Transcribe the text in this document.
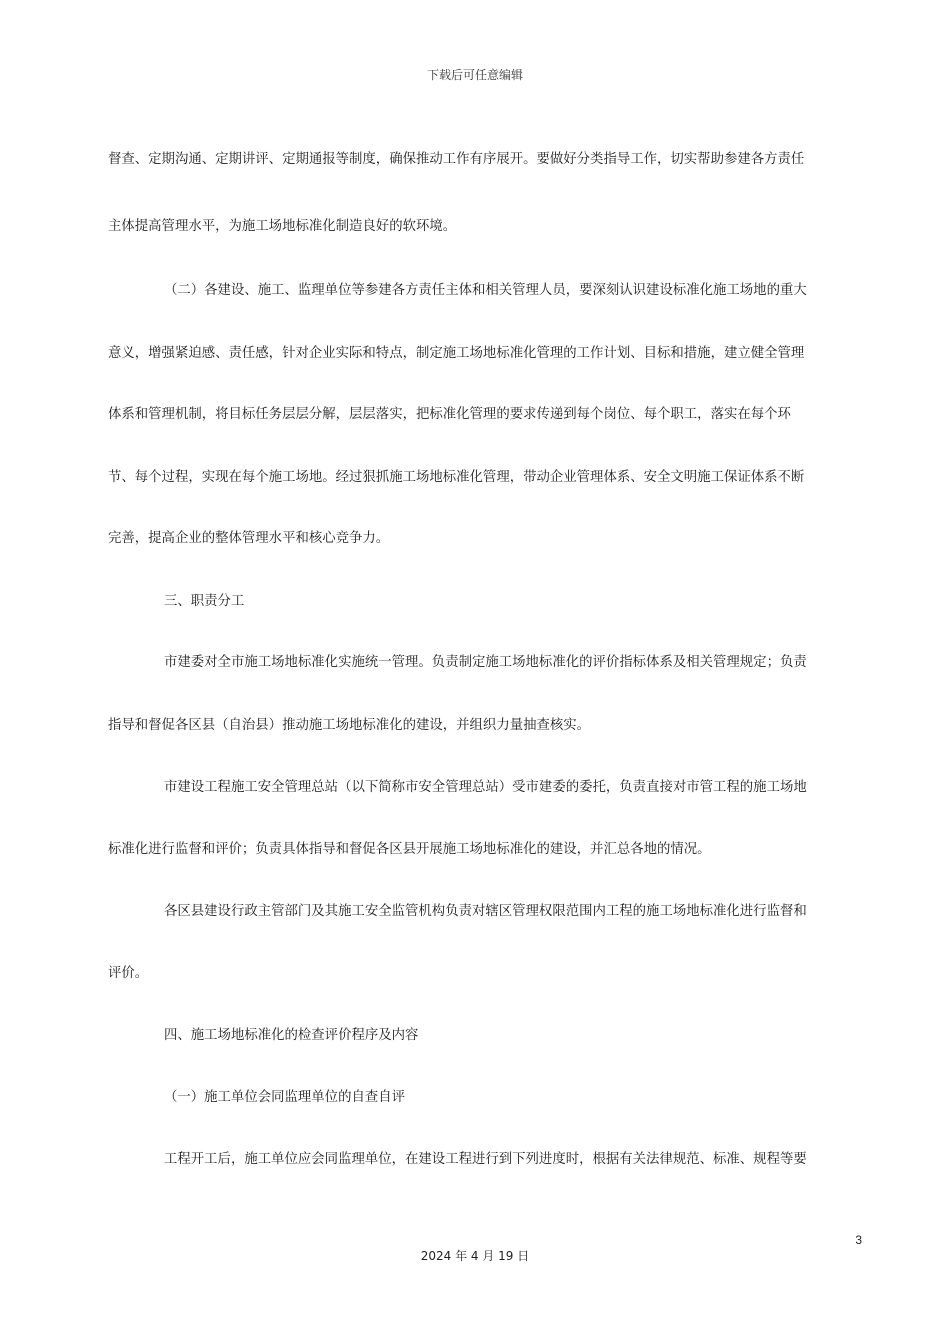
下载后可任意编辑
督查、定期沟通、定期讲评、定期通报等制度，确保推动工作有序展开。要做好分类指导工作，切实帮助参建各方责任
主体提高管理水平，为施工场地标准化制造良好的软环境。
（二）各建设、施工、监理单位等参建各方责任主体和相关管理人员，要深刻认识建设标准化施工场地的重大
意义，增强紧迫感、责任感，针对企业实际和特点，制定施工场地标准化管理的工作计划、目标和措施，建立健全管理
体系和管理机制，将目标任务层层分解，层层落实，把标准化管理的要求传递到每个岗位、每个职工，落实在每个环
节、每个过程，实现在每个施工场地。经过狠抓施工场地标准化管理，带动企业管理体系、安全文明施工保证体系不断
完善，提高企业的整体管理水平和核心竞争力。
三、职责分工
市建委对全市施工场地标准化实施统一管理。负责制定施工场地标准化的评价指标体系及相关管理规定；负责
指导和督促各区县（自治县）推动施工场地标准化的建设，并组织力量抽查核实。
市建设工程施工安全管理总站（以下简称市安全管理总站）受市建委的委托，负责直接对市管工程的施工场地
标准化进行监督和评价；负责具体指导和督促各区县开展施工场地标准化的建设，并汇总各地的情况。
各区县建设行政主管部门及其施工安全监管机构负责对辖区管理权限范围内工程的施工场地标准化进行监督和
评价。
四、施工场地标准化的检查评价程序及内容
（一）施工单位会同监理单位的自查自评
工程开工后，施工单位应会同监理单位，在建设工程进行到下列进度时，根据有关法律规范、标准、规程等要
3
2024 年 4 月 19 日
